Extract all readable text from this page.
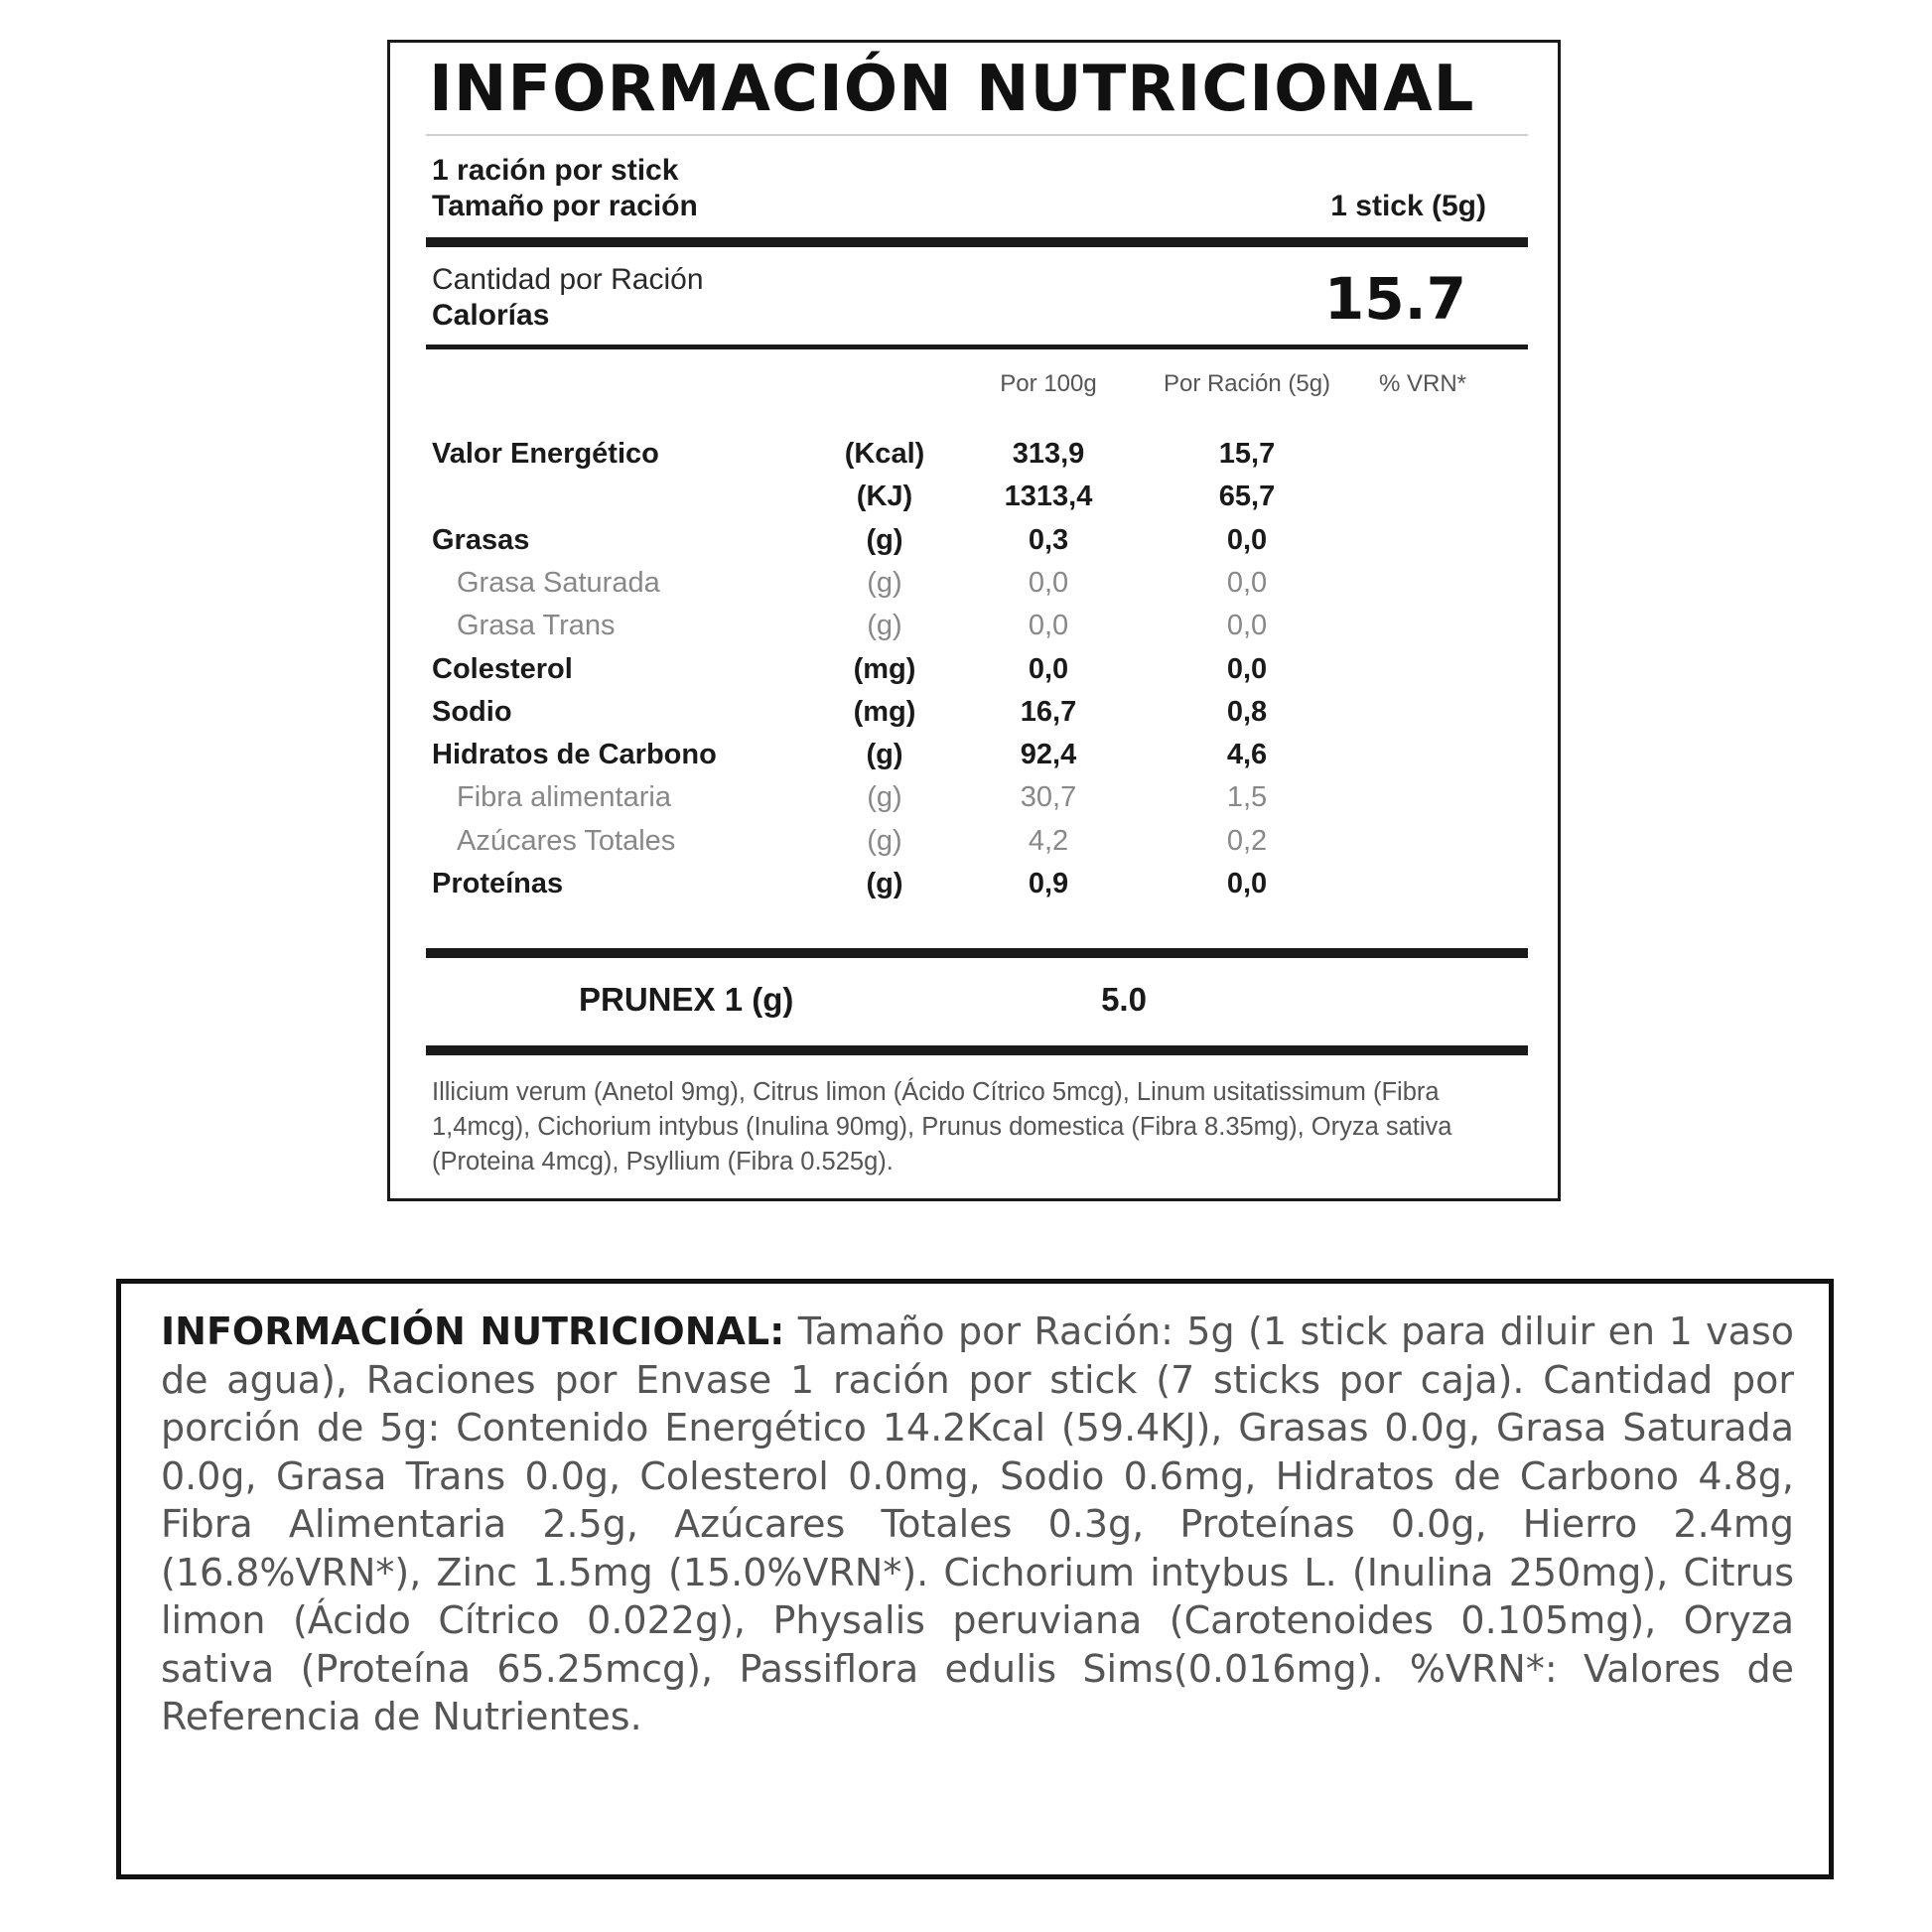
INFORMACIÓN NUTRICIONAL
1 ración por stick
Tamaño por ración	1 stick (5g)
Cantidad por Ración
Calorías	15.7
Por 100g	Por Ración (5g) % VRN*
Valor Energético	(Kcal)	313,9	15,7
(KJ)	1313,4	65,7
Grasas	(g)	0,3	0,0
Grasa Saturada	(g)	0,0	0,0
Grasa Trans	(g)	0,0	0,0
Colesterol	(mg)	0,0	0,0
Sodio	(mg)	16,7	0,8
Hidratos de Carbono	(g)	92,4	4,6
Fibra alimentaria	(g)	30,7	1,5
Azúcares Totales	(g)	4,2	0,2
Proteínas	(g)	0,9	0,0
PRUNEX 1 (g)	5.0
Illicium verum (Anetol 9mg), Citrus limon (Ácido Cítrico 5mcg), Linum usitatissimum (Fibra 1,4mcg), Cichorium intybus (Inulina 90mg), Prunus domestica (Fibra 8.35mg), Oryza sativa (Proteina 4mcg), Psyllium (Fibra 0.525g).
INFORMACIÓN NUTRICIONAL: Tamaño por Ración: 5g (1 stick para diluir en 1 vaso de agua), Raciones por Envase 1 ración por stick (7 sticks por caja). Cantidad por porción de 5g: Contenido Energético 14.2Kcal (59.4KJ), Grasas 0.0g, Grasa Saturada 0.0g, Grasa Trans 0.0g, Colesterol 0.0mg, Sodio 0.6mg, Hidratos de Carbono 4.8g, Fibra Alimentaria 2.5g, Azúcares Totales 0.3g, Proteínas 0.0g, Hierro 2.4mg (16.8%VRN*), Zinc 1.5mg (15.0%VRN*). Cichorium intybus L. (Inulina 250mg), Citrus limon (Ácido Cítrico 0.022g), Physalis peruviana (Carotenoides 0.105mg), Oryza sativa (Proteína 65.25mcg), Passiflora edulis Sims(0.016mg). %VRN*: Valores de Referencia de Nutrientes.
